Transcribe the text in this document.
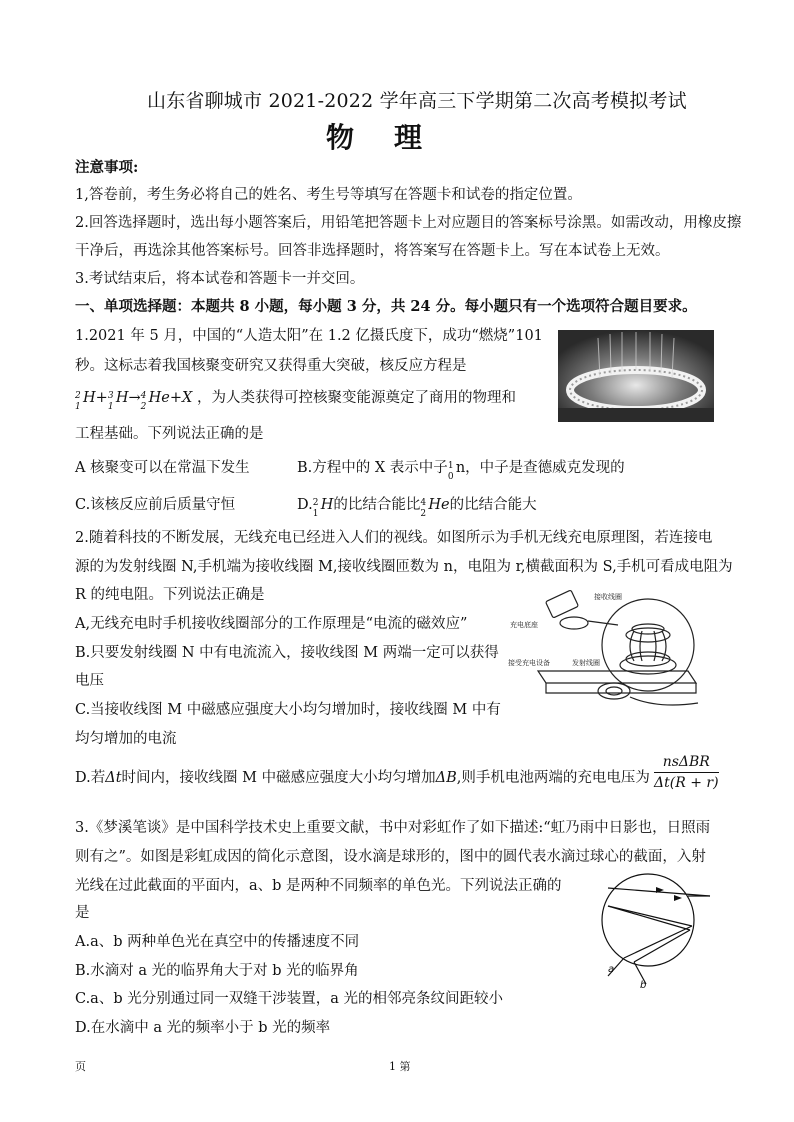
山东省聊城市 2021-2022 学年高三下学期第二次高考模拟考试
物理
注意事项:
1,答卷前，考生务必将自己的姓名、考生号等填写在答题卡和试卷的指定位置。
2.回答选择题时，选出每小题答案后，用铅笔把答题卡上对应题目的答案标号涂黑。如需改动，用橡皮擦
干净后，再选涂其他答案标号。回答非选择题时，将答案写在答题卡上。写在本试卷上无效。
3.考试结束后，将本试卷和答题卡一并交回。
一、单项选择题：本题共 8 小题，每小题 3 分，共 24 分。每小题只有一个选项符合题目要求。
1.2021 年 5 月，中国的“人造太阳”在 1.2 亿摄氏度下，成功“燃烧”101
秒。这标志着我国核聚变研究又获得重大突破，核反应方程是
2
1
H+ 3
1
H→ 4
2
He+X ，为人类获得可控核聚变能源奠定了商用的物理和
工程基础。下列说法正确的是
A 核聚变可以在常温下发生	B.方程中的 X 表示中子 1
0
n，中子是查德威克发现的
C.该核反应前后质量守恒	D. 2
1
H的比结合能比 4
2
He的比结合能大
2.随着科技的不断发展，无线充电已经进入人们的视线。如图所示为手机无线充电原理图，若连接电
源的为发射线圈 N,手机端为接收线圈 M,接收线圈匝数为 n，电阻为 r,横截面积为 S,手机可看成电阻为
R 的纯电阻。下列说法正确是
A,无线充电时手机接收线圈部分的工作原理是“电流的磁效应”
B.只要发射线圈 N 中有电流流入，接收线图 M 两端一定可以获得
电压
C.当接收线图 M 中磁感应强度大小均匀增加时，接收线圈 M 中有
均匀增加的电流
D.若Δt时间内，接收线圈 M 中磁感应强度大小均匀增加ΔB,则手机电池两端的充电电压为
nsΔBR
Δt(R + r)
接收线圈
充电底座
接受充电设备	发射线圈
3.《梦溪笔谈》是中国科学技术史上重要文献，书中对彩虹作了如下描述:“虹乃雨中日影也，日照雨
则有之”。如图是彩虹成因的简化示意图，设水滴是球形的，图中的圆代表水滴过球心的截面，入射
光线在过此截面的平面内，a、b 是两种不同频率的单色光。下列说法正确的
是
A.a、b 两种单色光在真空中的传播速度不同
B.水滴对 a 光的临界角大于对 b 光的临界角
C.a、b 光分别通过同一双缝干涉装置，a 光的相邻亮条纹间距较小
D.在水滴中 a 光的频率小于 b 光的频率
a
b
页	1 第
